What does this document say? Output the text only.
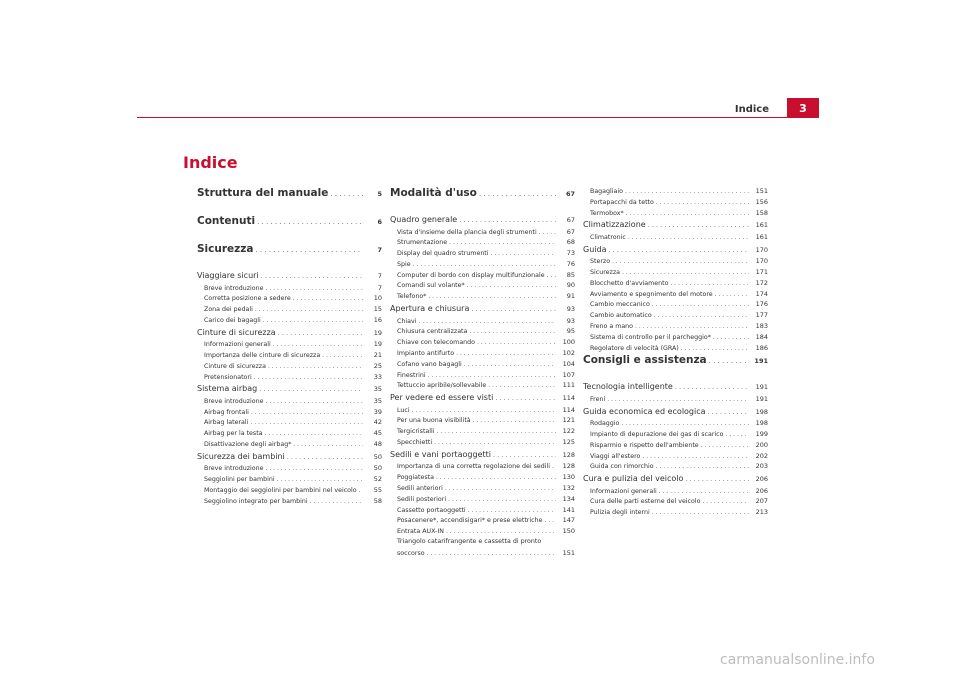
Indice	3
Indice
Struttura del manuale . . .	5
Contenuti . . .	6
Sicurezza . . .	7
Viaggiare sicuri . . .	7
Breve introduzione . . .	7
Corretta posizione a sedere . . .	10
Zona dei pedali . . .	15
Carico dei bagagli . . .	16
Cinture di sicurezza . . .	19
Informazioni generali . . .	19
Importanza delle cinture di sicurezza . . .	21
Cinture di sicurezza . . .	25
Pretensionatori . . .	33
Sistema airbag . . .	35
Breve introduzione . . .	35
Airbag frontali . . .	39
Airbag laterali . . .	42
Airbag per la testa . . .	45
Disattivazione degli airbag* . . .	48
Sicurezza dei bambini . . .	50
Breve introduzione . . .	50
Seggiolini per bambini . . .	52
Montaggio dei seggiolini per bambini nel veicolo . . .	55
Seggiolino integrato per bambini . . .	58
Modalità d'uso . . .	67
Quadro generale . . .	67
Vista d'insieme della plancia degli strumenti . . .	67
Strumentazione . . .	68
Display del quadro strumenti . . .	73
Spie . . .	76
Computer di bordo con display multifunzionale . . .	85
Comandi sul volante* . . .	90
Telefono* . . .	91
Apertura e chiusura . . .	93
Chiavi . . .	93
Chiusura centralizzata . . .	95
Chiave con telecomando . . .	100
Impianto antifurto . . .	102
Cofano vano bagagli . . .	104
Finestrini . . .	107
Tettuccio apribile/sollevabile . . .	111
Per vedere ed essere visti . . .	114
Luci . . .	114
Per una buona visibilità . . .	121
Tergicristalli . . .	122
Specchietti . . .	125
Sedili e vani portaoggetti . . .	128
Importanza di una corretta regolazione dei sedili . . .	128
Poggiatesta . . .	130
Sedili anteriori . . .	132
Sedili posteriori . . .	134
Cassetto portaoggetti . . .	141
Posacenere*, accendisigari* e prese elettriche . . .	147
Entrata AUX-IN . . .	150
Triangolo catarifrangente e cassetta di pronto
soccorso . . .	151
Bagagliaio . . .	151
Portapacchi da tetto . . .	156
Termobox* . . .	158
Climatizzazione . . .	161
Climatronic . . .	161
Guida . . .	170
Sterzo . . .	170
Sicurezza . . .	171
Blocchetto d'avviamento . . .	172
Avviamento e spegnimento del motore . . .	174
Cambio meccanico . . .	176
Cambio automatico . . .	177
Freno a mano . . .	183
Sistema di controllo per il parcheggio* . . .	184
Regolatore di velocità (GRA) . . .	186
Consigli e assistenza . . .	191
Tecnologia intelligente . . .	191
Freni . . .	191
Guida economica ed ecologica . . .	198
Rodaggio . . .	198
Impianto di depurazione dei gas di scarico . . .	199
Risparmio e rispetto dell'ambiente . . .	200
Viaggi all'estero . . .	202
Guida con rimorchio . . .	203
Cura e pulizia del veicolo . . .	206
Informazioni generali . . .	206
Cura delle parti esterne del veicolo . . .	207
Pulizia degli interni . . .	213
carmanualsonline.info
